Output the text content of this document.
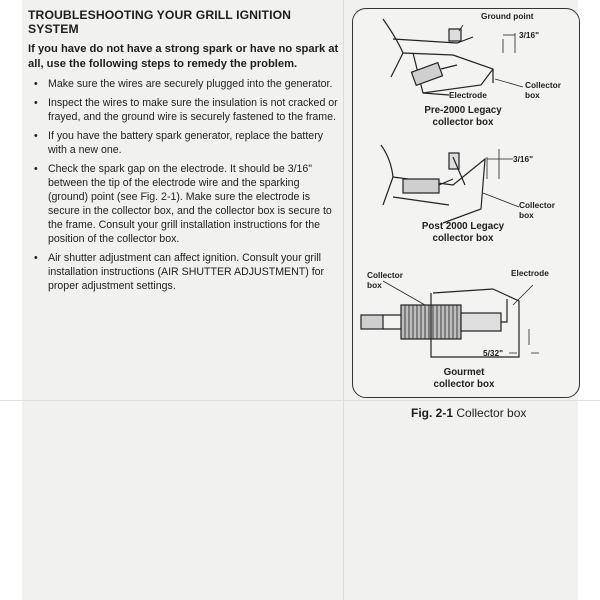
TROUBLESHOOTING YOUR GRILL IGNITION SYSTEM
If you have do not have a strong spark or have no spark at all, use the following steps to remedy the problem.
• Make sure the wires are securely plugged into the generator.
• Inspect the wires to make sure the insulation is not cracked or frayed, and the ground wire is securely fastened to the frame.
• If you have the battery spark generator, replace the battery with a new one.
• Check the spark gap on the electrode. It should be 3/16" between the tip of the electrode wire and the sparking (ground) point (see Fig. 2-1). Make sure the electrode is secure in the collector box, and the collector box is secure to the frame. Consult your grill installation instructions for the position of the collector box.
• Air shutter adjustment can affect ignition. Consult your grill installation instructions (AIR SHUTTER ADJUSTMENT) for proper adjustment settings.
Ground point
3/16"
Electrode
Collector
box
Pre-2000 Legacy
collector box
3/16"
Collector
box
Post 2000 Legacy
collector box
Collector
box
Electrode
5/32"
Gourmet
collector box
Fig. 2-1 Collector box
